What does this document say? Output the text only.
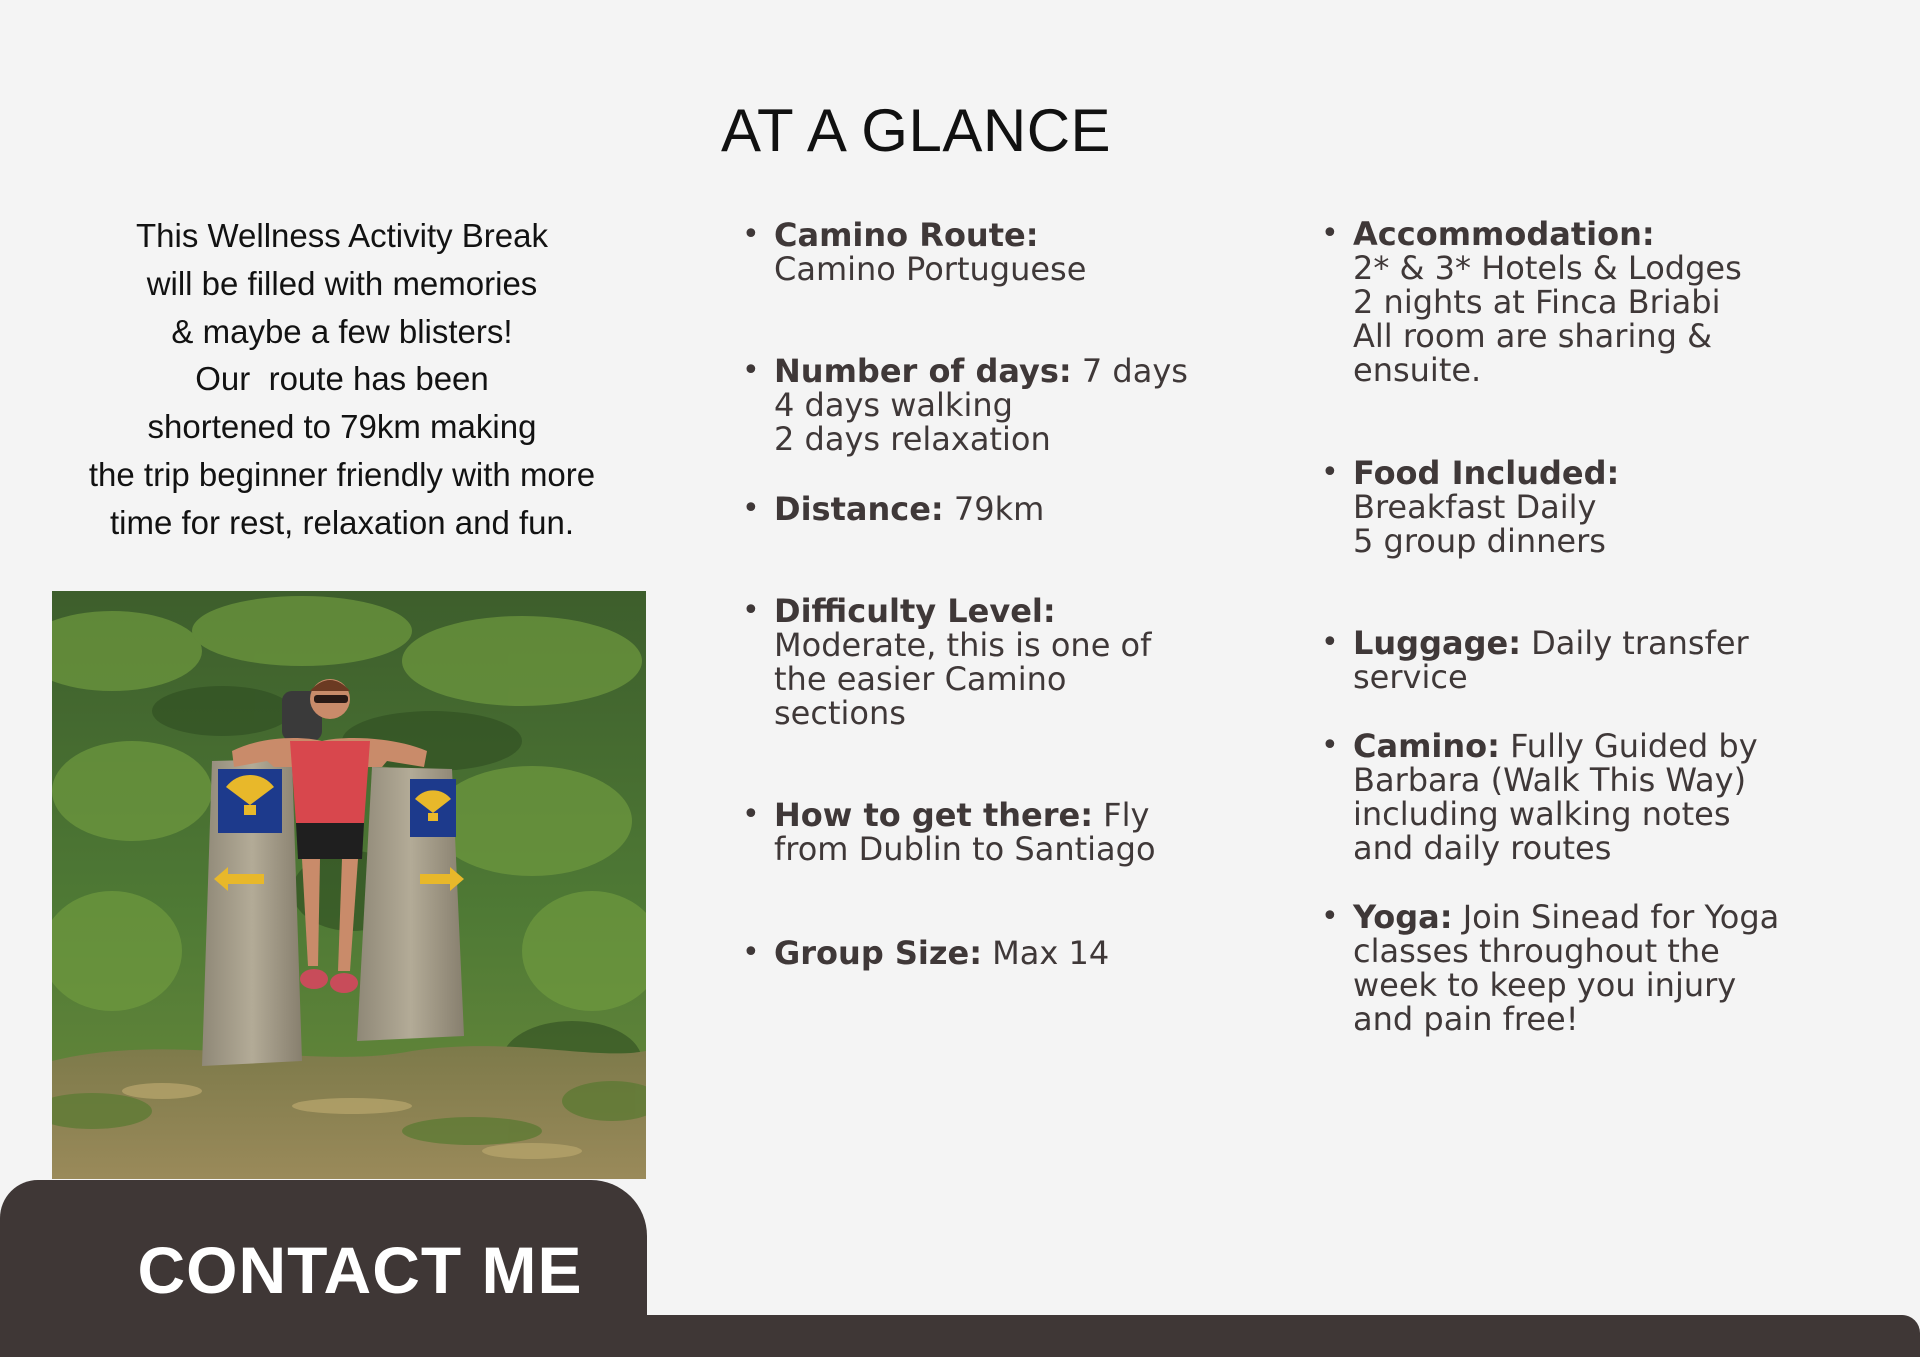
AT A GLANCE
This Wellness Activity Break
will be filled with memories
& maybe a few blisters!
Our  route has been
shortened to 79km making
the trip beginner friendly with more
time for rest, relaxation and fun.
• Camino Route:
Camino Portuguese
• Number of days: 7 days
4 days walking
2 days relaxation
• Distance: 79km
• Difficulty Level:
Moderate, this is one of
the easier Camino
sections
• How to get there: Fly
from Dublin to Santiago
• Group Size: Max 14
• Accommodation:
2* & 3* Hotels & Lodges
2 nights at Finca Briabi
All room are sharing &
ensuite.
• Food Included:
Breakfast Daily
5 group dinners
• Luggage: Daily transfer
service
• Camino: Fully Guided by
Barbara (Walk This Way)
including walking notes
and daily routes
• Yoga: Join Sinead for Yoga
classes throughout the
week to keep you injury
and pain free!
CONTACT ME
